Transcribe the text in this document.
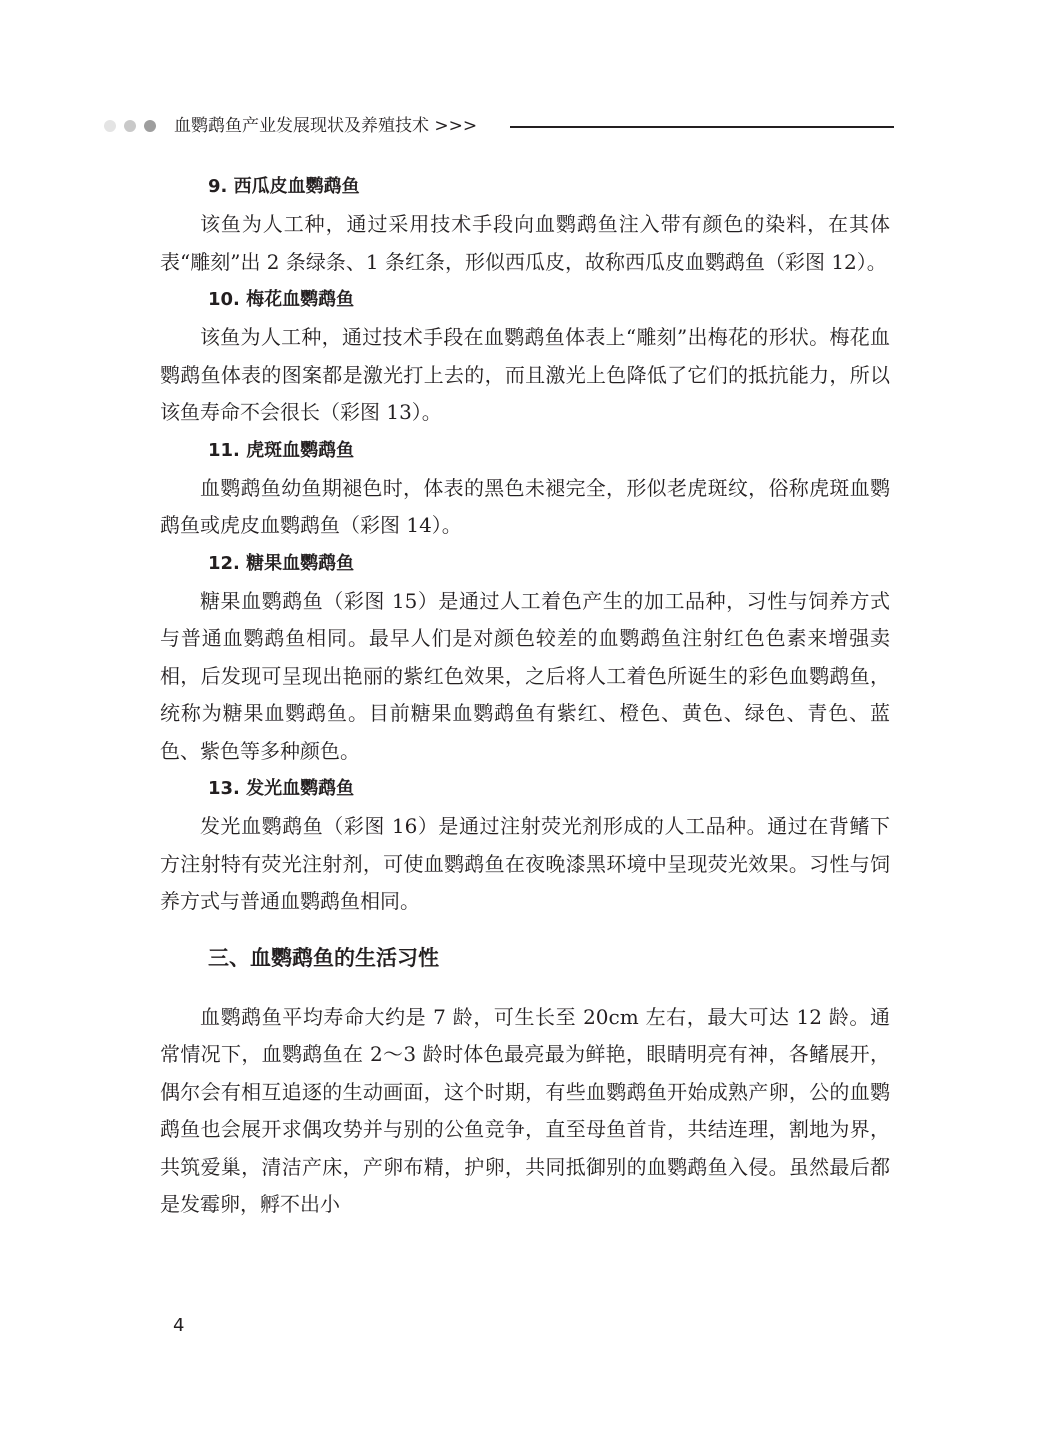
血鹦鹉鱼产业发展现状及养殖技术 >>>
9. 西瓜皮血鹦鹉鱼

该鱼为人工种，通过采用技术手段向血鹦鹉鱼注入带有颜色的染料，在其体表“雕刻”出 2 条绿条、1 条红条，形似西瓜皮，故称西瓜皮血鹦鹉鱼（彩图 12）。

10. 梅花血鹦鹉鱼

该鱼为人工种，通过技术手段在血鹦鹉鱼体表上“雕刻”出梅花的形状。梅花血鹦鹉鱼体表的图案都是激光打上去的，而且激光上色降低了它们的抵抗能力，所以该鱼寿命不会很长（彩图 13）。

11. 虎斑血鹦鹉鱼

血鹦鹉鱼幼鱼期褪色时，体表的黑色未褪完全，形似老虎斑纹，俗称虎斑血鹦鹉鱼或虎皮血鹦鹉鱼（彩图 14）。

12. 糖果血鹦鹉鱼

糖果血鹦鹉鱼（彩图 15）是通过人工着色产生的加工品种，习性与饲养方式与普通血鹦鹉鱼相同。最早人们是对颜色较差的血鹦鹉鱼注射红色色素来增强卖相，后发现可呈现出艳丽的紫红色效果，之后将人工着色所诞生的彩色血鹦鹉鱼，统称为糖果血鹦鹉鱼。目前糖果血鹦鹉鱼有紫红、橙色、黄色、绿色、青色、蓝色、紫色等多种颜色。

13. 发光血鹦鹉鱼

发光血鹦鹉鱼（彩图 16）是通过注射荧光剂形成的人工品种。通过在背鳍下方注射特有荧光注射剂，可使血鹦鹉鱼在夜晚漆黑环境中呈现荧光效果。习性与饲养方式与普通血鹦鹉鱼相同。

三、血鹦鹉鱼的生活习性

血鹦鹉鱼平均寿命大约是 7 龄，可生长至 20cm 左右，最大可达 12 龄。通常情况下，血鹦鹉鱼在 2～3 龄时体色最亮最为鲜艳，眼睛明亮有神，各鳍展开，偶尔会有相互追逐的生动画面，这个时期，有些血鹦鹉鱼开始成熟产卵，公的血鹦鹉鱼也会展开求偶攻势并与别的公鱼竞争，直至母鱼首肯，共结连理，割地为界，共筑爱巢，清洁产床，产卵布精，护卵，共同抵御别的血鹦鹉鱼入侵。虽然最后都是发霉卵，孵不出小

4
